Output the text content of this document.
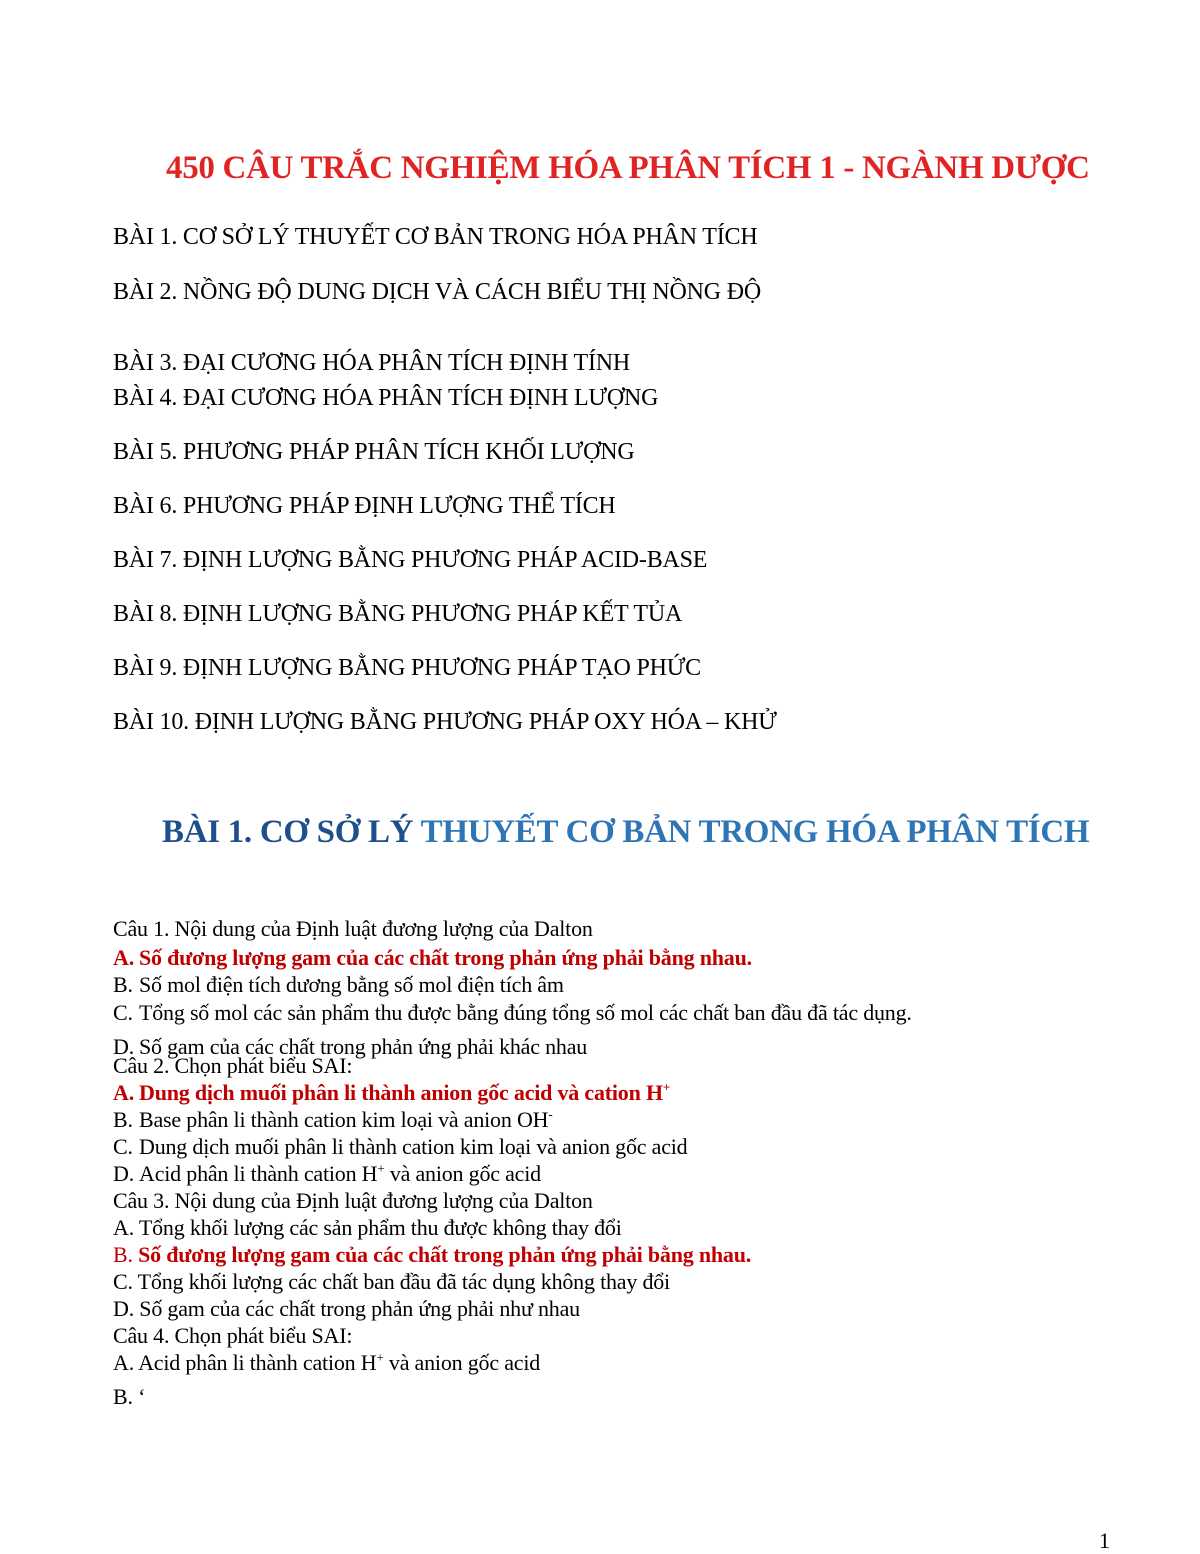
450 CÂU TRẮC NGHIỆM HÓA PHÂN TÍCH 1 - NGÀNH DƯỢC
BÀI 1. CƠ SỞ LÝ THUYẾT CƠ BẢN TRONG HÓA PHÂN TÍCH
BÀI 2. NỒNG ĐỘ DUNG DỊCH VÀ CÁCH BIỂU THỊ NỒNG ĐỘ
BÀI 3. ĐẠI CƯƠNG HÓA PHÂN TÍCH ĐỊNH TÍNH
BÀI 4. ĐẠI CƯƠNG HÓA PHÂN TÍCH ĐỊNH LƯỢNG
BÀI 5. PHƯƠNG PHÁP PHÂN TÍCH KHỐI LƯỢNG
BÀI 6. PHƯƠNG PHÁP ĐỊNH LƯỢNG THỂ TÍCH
BÀI 7. ĐỊNH LƯỢNG BẰNG PHƯƠNG PHÁP ACID-BASE
BÀI 8. ĐỊNH LƯỢNG BẰNG PHƯƠNG PHÁP KẾT TỦA
BÀI 9. ĐỊNH LƯỢNG BẰNG PHƯƠNG PHÁP TẠO PHỨC
BÀI 10. ĐỊNH LƯỢNG BẰNG PHƯƠNG PHÁP OXY HÓA – KHỬ
BÀI 1. CƠ SỞ LÝ THUYẾT CƠ BẢN TRONG HÓA PHÂN TÍCH
Câu 1. Nội dung của Định luật đương lượng của Dalton
A. Số đương lượng gam của các chất trong phản ứng phải bằng nhau.
B. Số mol điện tích dương bằng số mol điện tích âm
C. Tổng số mol các sản phẩm thu được bằng đúng tổng số mol các chất ban đầu đã tác dụng.
D. Số gam của các chất trong phản ứng phải khác nhau
Câu 2. Chọn phát biểu SAI:
A. Dung dịch muối phân li thành anion gốc acid và cation H+
B. Base phân li thành cation kim loại và anion OH-
C. Dung dịch muối phân li thành cation kim loại và anion gốc acid
D. Acid phân li thành cation H+ và anion gốc acid
Câu 3. Nội dung của Định luật đương lượng của Dalton
A. Tổng khối lượng các sản phẩm thu được không thay đổi
B. Số đương lượng gam của các chất trong phản ứng phải bằng nhau.
C. Tổng khối lượng các chất ban đầu đã tác dụng không thay đổi
D. Số gam của các chất trong phản ứng phải như nhau
Câu 4. Chọn phát biểu SAI:
A. Acid phân li thành cation H+ và anion gốc acid
B. ‘
1
